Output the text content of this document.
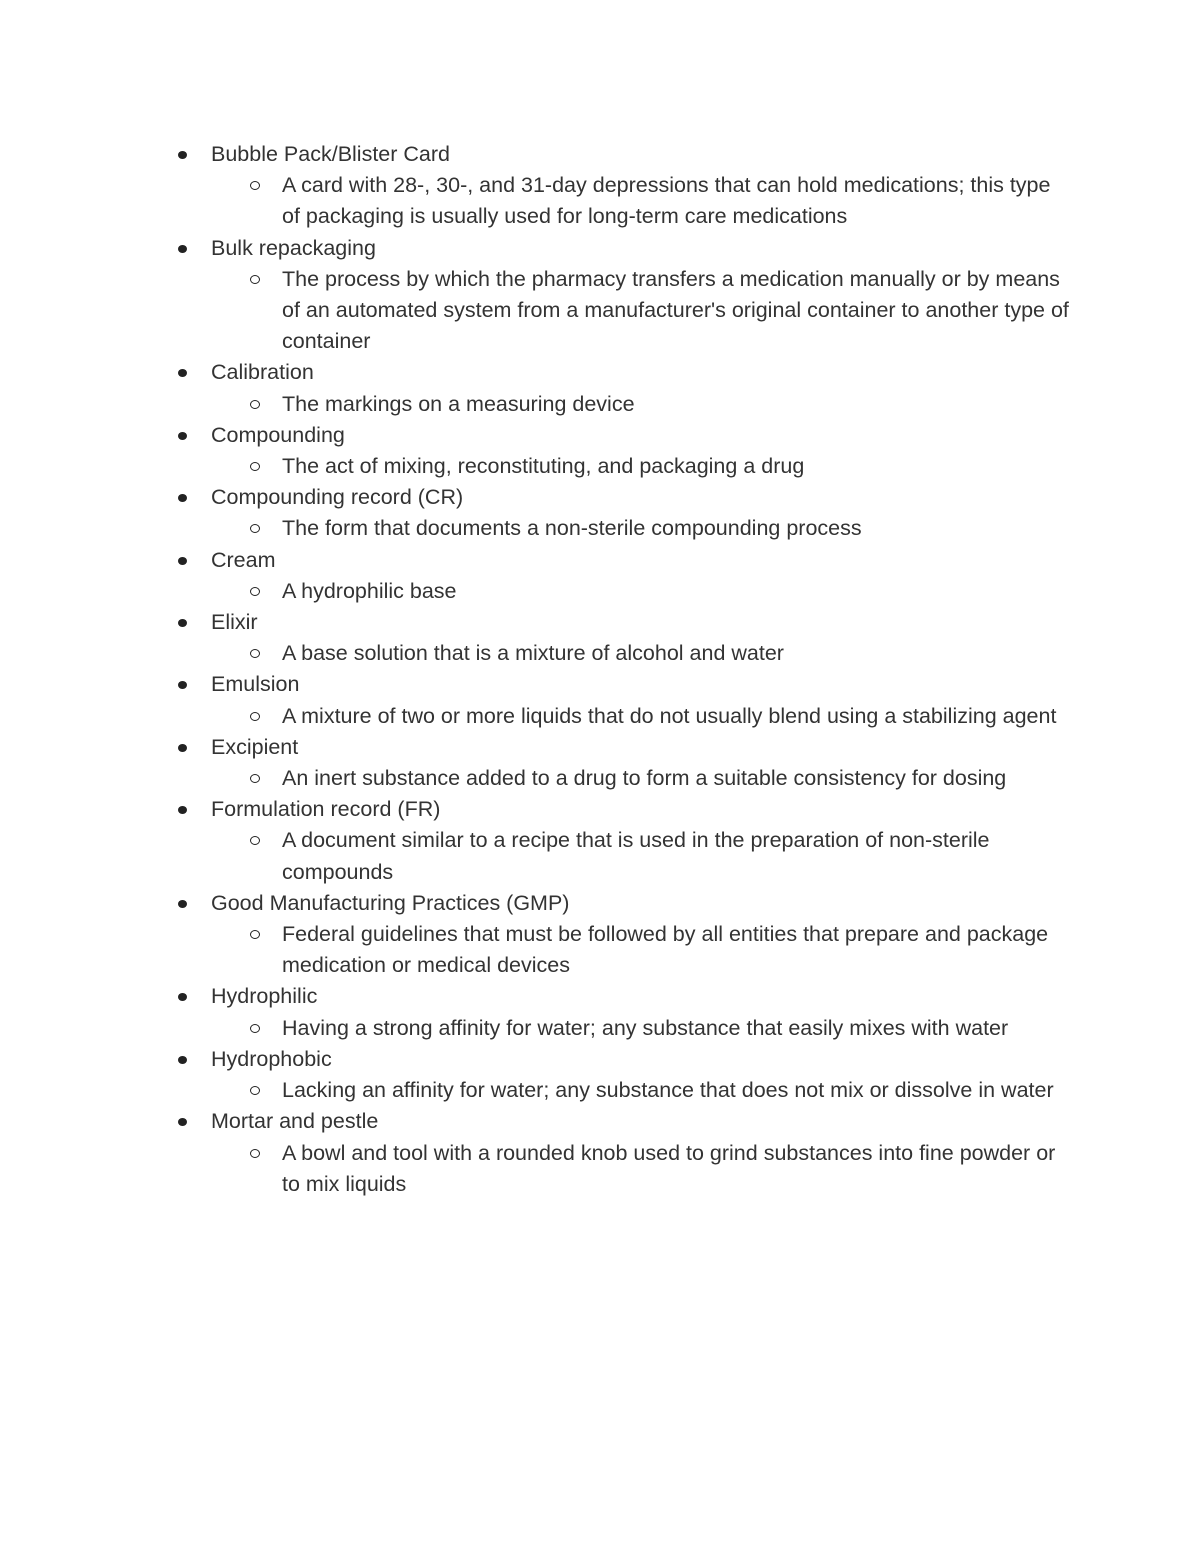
Bubble Pack/Blister Card
A card with 28-, 30-, and 31-day depressions that can hold medications; this type of packaging is usually used for long-term care medications
Bulk repackaging
The process by which the pharmacy transfers a medication manually or by means of an automated system from a manufacturer's original container to another type of container
Calibration
The markings on a measuring device
Compounding
The act of mixing, reconstituting, and packaging a drug
Compounding record (CR)
The form that documents a non-sterile compounding process
Cream
A hydrophilic base
Elixir
A base solution that is a mixture of alcohol and water
Emulsion
A mixture of two or more liquids that do not usually blend using a stabilizing agent
Excipient
An inert substance added to a drug to form a suitable consistency for dosing
Formulation record (FR)
A document similar to a recipe that is used in the preparation of non-sterile compounds
Good Manufacturing Practices (GMP)
Federal guidelines that must be followed by all entities that prepare and package medication or medical devices
Hydrophilic
Having a strong affinity for water; any substance that easily mixes with water
Hydrophobic
Lacking an affinity for water; any substance that does not mix or dissolve in water
Mortar and pestle
A bowl and tool with a rounded knob used to grind substances into fine powder or to mix liquids
